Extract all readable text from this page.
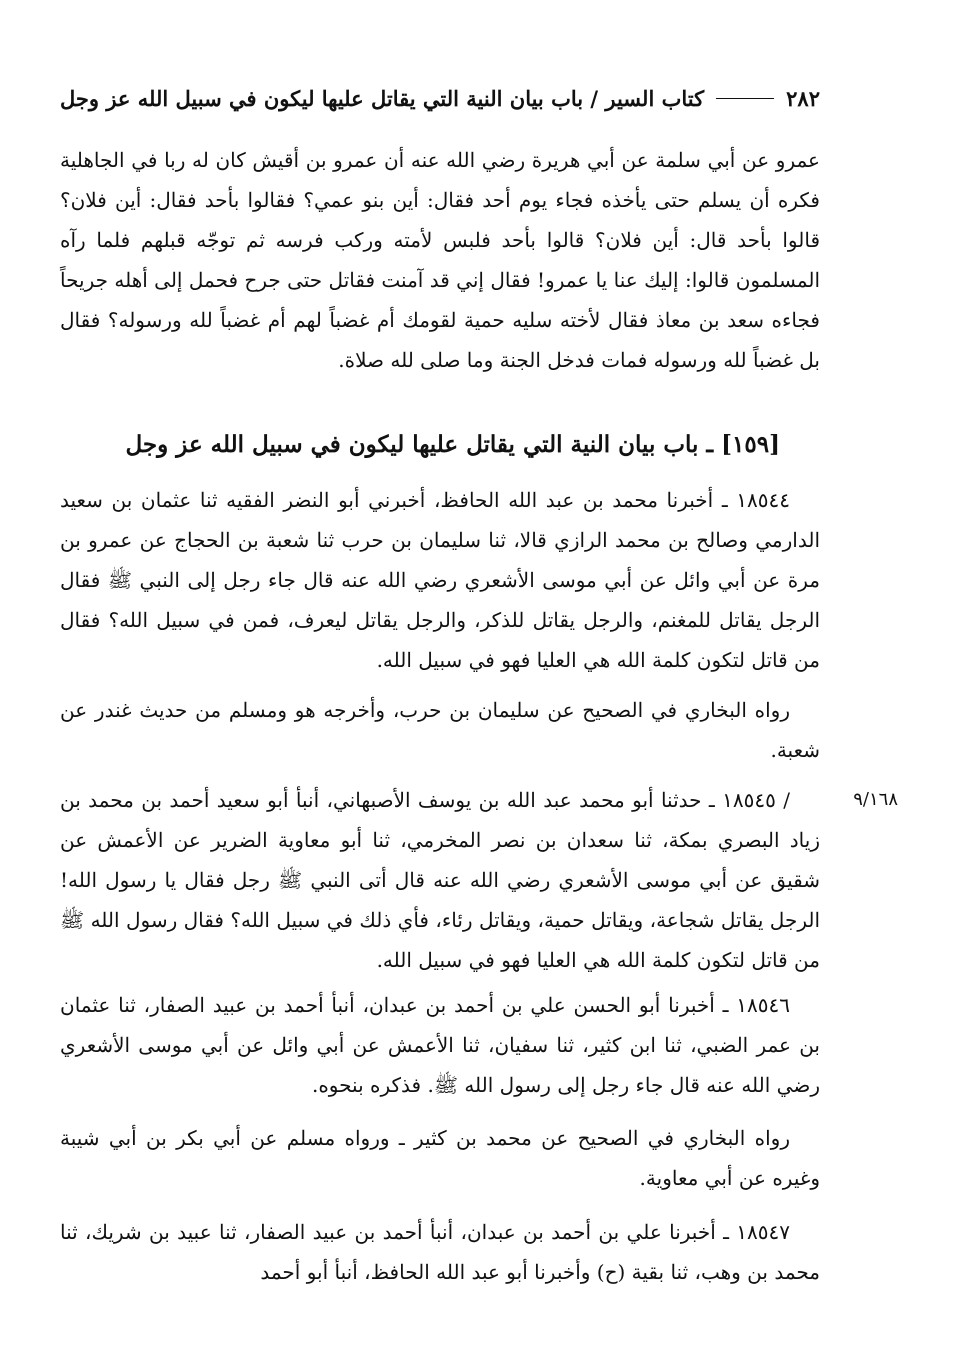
٢٨٢
كتاب السير / باب بيان النية التي يقاتل عليها ليكون في سبيل الله عز وجل
عمرو عن أبي سلمة عن أبي هريرة رضي الله عنه أن عمرو بن أقيش كان له ربا في الجاهلية فكره أن يسلم حتى يأخذه فجاء يوم أحد فقال: أين بنو عمي؟ فقالوا بأحد فقال: أين فلان؟ قالوا بأحد قال: أين فلان؟ قالوا بأحد فلبس لأمته وركب فرسه ثم توجّه قبلهم فلما رآه المسلمون قالوا: إليك عنا يا عمرو! فقال إني قد آمنت فقاتل حتى جرح فحمل إلى أهله جريحاً فجاءه سعد بن معاذ فقال لأخته سليه حمية لقومك أم غضباً لهم أم غضباً لله ورسوله؟ فقال بل غضباً لله ورسوله فمات فدخل الجنة وما صلى لله صلاة.
[١٥٩] ـ باب بيان النية التي يقاتل عليها ليكون في سبيل الله عز وجل
١٨٥٤٤ ـ أخبرنا محمد بن عبد الله الحافظ، أخبرني أبو النضر الفقيه ثنا عثمان بن سعيد الدارمي وصالح بن محمد الرازي قالا، ثنا سليمان بن حرب ثنا شعبة بن الحجاج عن عمرو بن مرة عن أبي وائل عن أبي موسى الأشعري رضي الله عنه قال جاء رجل إلى النبي ﷺ فقال الرجل يقاتل للمغنم، والرجل يقاتل للذكر، والرجل يقاتل ليعرف، فمن في سبيل الله؟ فقال من قاتل لتكون كلمة الله هي العليا فهو في سبيل الله.
رواه البخاري في الصحيح عن سليمان بن حرب، وأخرجه هو ومسلم من حديث غندر عن شعبة.
٩/١٦٨
/ ١٨٥٤٥ ـ حدثنا أبو محمد عبد الله بن يوسف الأصبهاني، أنبأ أبو سعيد أحمد بن محمد بن زياد البصري بمكة، ثنا سعدان بن نصر المخرمي، ثنا أبو معاوية الضرير عن الأعمش عن شقيق عن أبي موسى الأشعري رضي الله عنه قال أتى النبي ﷺ رجل فقال يا رسول الله! الرجل يقاتل شجاعة، ويقاتل حمية، ويقاتل رئاء، فأي ذلك في سبيل الله؟ فقال رسول الله ﷺ من قاتل لتكون كلمة الله هي العليا فهو في سبيل الله.
١٨٥٤٦ ـ أخبرنا أبو الحسن علي بن أحمد بن عبدان، أنبأ أحمد بن عبيد الصفار، ثنا عثمان بن عمر الضبي، ثنا ابن كثير، ثنا سفيان، ثنا الأعمش عن أبي وائل عن أبي موسى الأشعري رضي الله عنه قال جاء رجل إلى رسول الله ﷺ. فذكره بنحوه.
رواه البخاري في الصحيح عن محمد بن كثير ـ ورواه مسلم عن أبي بكر بن أبي شيبة وغيره عن أبي معاوية.
١٨٥٤٧ ـ أخبرنا علي بن أحمد بن عبدان، أنبأ أحمد بن عبيد الصفار، ثنا عبيد بن شريك، ثنا محمد بن وهب، ثنا بقية (ح) وأخبرنا أبو عبد الله الحافظ، أنبأ أبو أحمد
